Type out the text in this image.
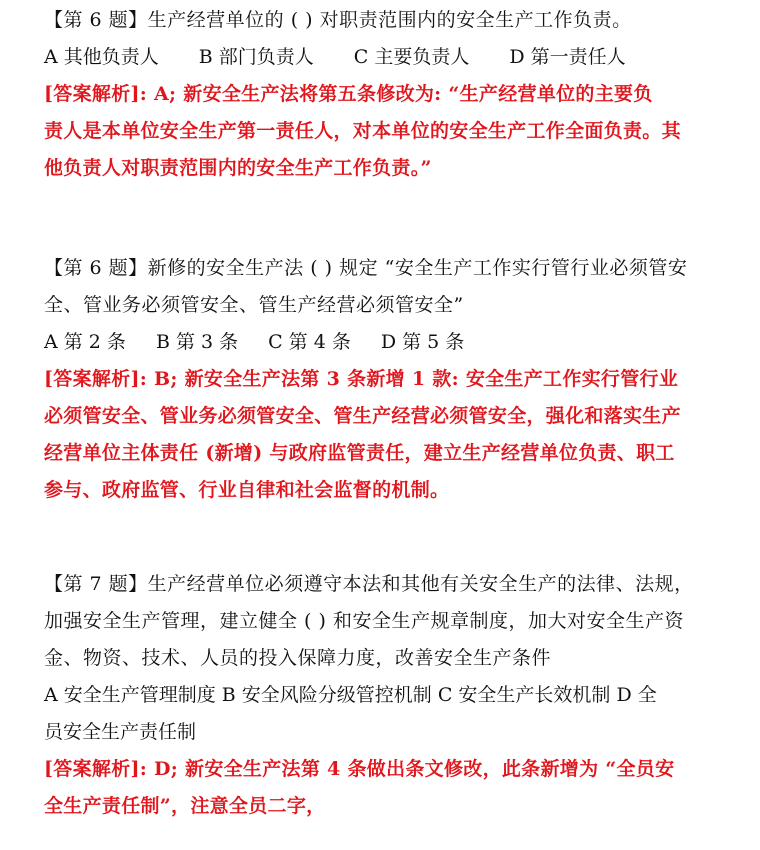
【第 6 题】生产经营单位的 ( ) 对职责范围内的安全生产工作负责。
A 其他负责人 B 部门负责人 C 主要负责人 D 第一责任人
[答案解析]: A; 新安全生产法将第五条修改为: “生产经营单位的主要负
责人是本单位安全生产第一责任人，对本单位的安全生产工作全面负责。其
他负责人对职责范围内的安全生产工作负责。”
【第 6 题】新修的安全生产法 ( ) 规定 “安全生产工作实行管行业必须管安
全、管业务必须管安全、管生产经营必须管安全”
A 第 2 条 B 第 3 条 C 第 4 条 D 第 5 条
[答案解析]: B; 新安全生产法第 3 条新增 1 款: 安全生产工作实行管行业
必须管安全、管业务必须管安全、管生产经营必须管安全，强化和落实生产
经营单位主体责任 (新增) 与政府监管责任，建立生产经营单位负责、职工
参与、政府监管、行业自律和社会监督的机制。
【第 7 题】生产经营单位必须遵守本法和其他有关安全生产的法律、法规，
加强安全生产管理，建立健全 ( ) 和安全生产规章制度，加大对安全生产资
金、物资、技术、人员的投入保障力度，改善安全生产条件
A 安全生产管理制度 B 安全风险分级管控机制 C 安全生产长效机制 D 全
员安全生产责任制
[答案解析]: D; 新安全生产法第 4 条做出条文修改，此条新增为 “全员安
全生产责任制”，注意全员二字，
